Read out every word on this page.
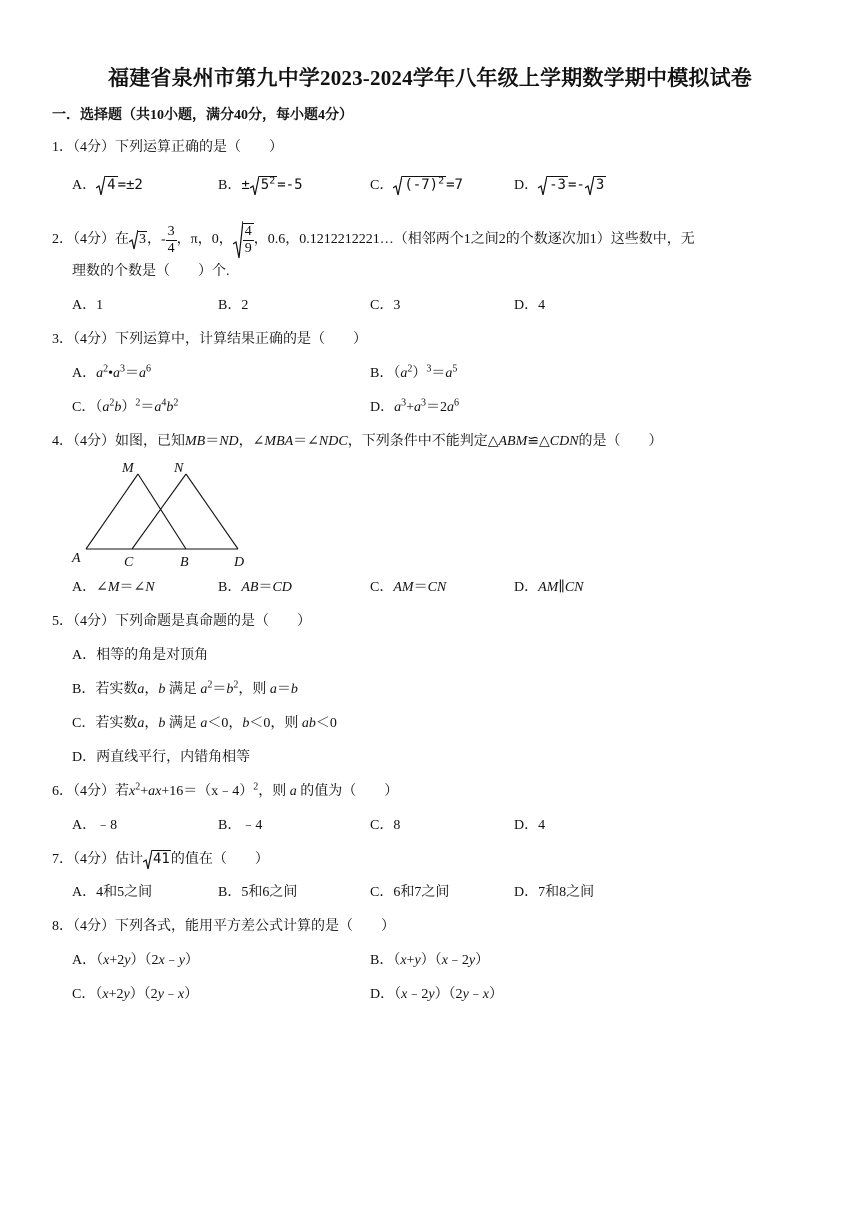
福建省泉州市第九中学2023-2024学年八年级上学期数学期中模拟试卷
一．选择题（共10小题，满分40分，每小题4分）
1．（4分）下列运算正确的是（　　）
A． 4 =±2	B．± $5^2 =-5$	C． $(-7)^2 =7$	D． -3 =- 3
2．（4分）在 3，- $\frac{3}{4}$ ，π，0， $\frac{4}{9}$ ，0.6，0.1212212221…（相邻两个1之间2的个数逐次加1）这些数中，无
理数的个数是（　　）个.
A．1	B．2	C．3	D．4
3．（4分）下列运算中，计算结果正确的是（　　）
A．$a^2•a^3=a^6$	B．$(a^2)^3=a^5$
C．$(a^2b)^2=a^4b^2$	D．$a^3+a^3=2a^6$
4．（4分）如图，已知MB＝ND，∠MBA＝∠NDC，下列条件中不能判定△ABM≌△CDN的是（　　）
M	N
A	C	B	D
A．∠M＝∠N	B．AB＝CD	C．AM＝CN	D．AM∥CN
5．（4分）下列命题是真命题的是（　　）
A．相等的角是对顶角
B．若实数a，b 满足 $a^2=b^2$，则 a＝b
C．若实数a，b 满足 a＜0，b＜0，则 ab＜0
D．两直线平行，内错角相等
6．（4分）若$x^2+ax+16=(x﹣4)^2$，则 a 的值为（　　）
A．﹣8	B．﹣4	C．8	D．4
7．（4分）估计 41的值在（　　）
A．4和5之间	B．5和6之间	C．6和7之间	D．7和8之间
8．（4分）下列各式，能用平方差公式计算的是（　　）
A．（x+2y）（2x﹣y）	B．（x+y）（x﹣2y）
C．（x+2y）（2y﹣x）	D．（x﹣2y）（2y﹣x）
